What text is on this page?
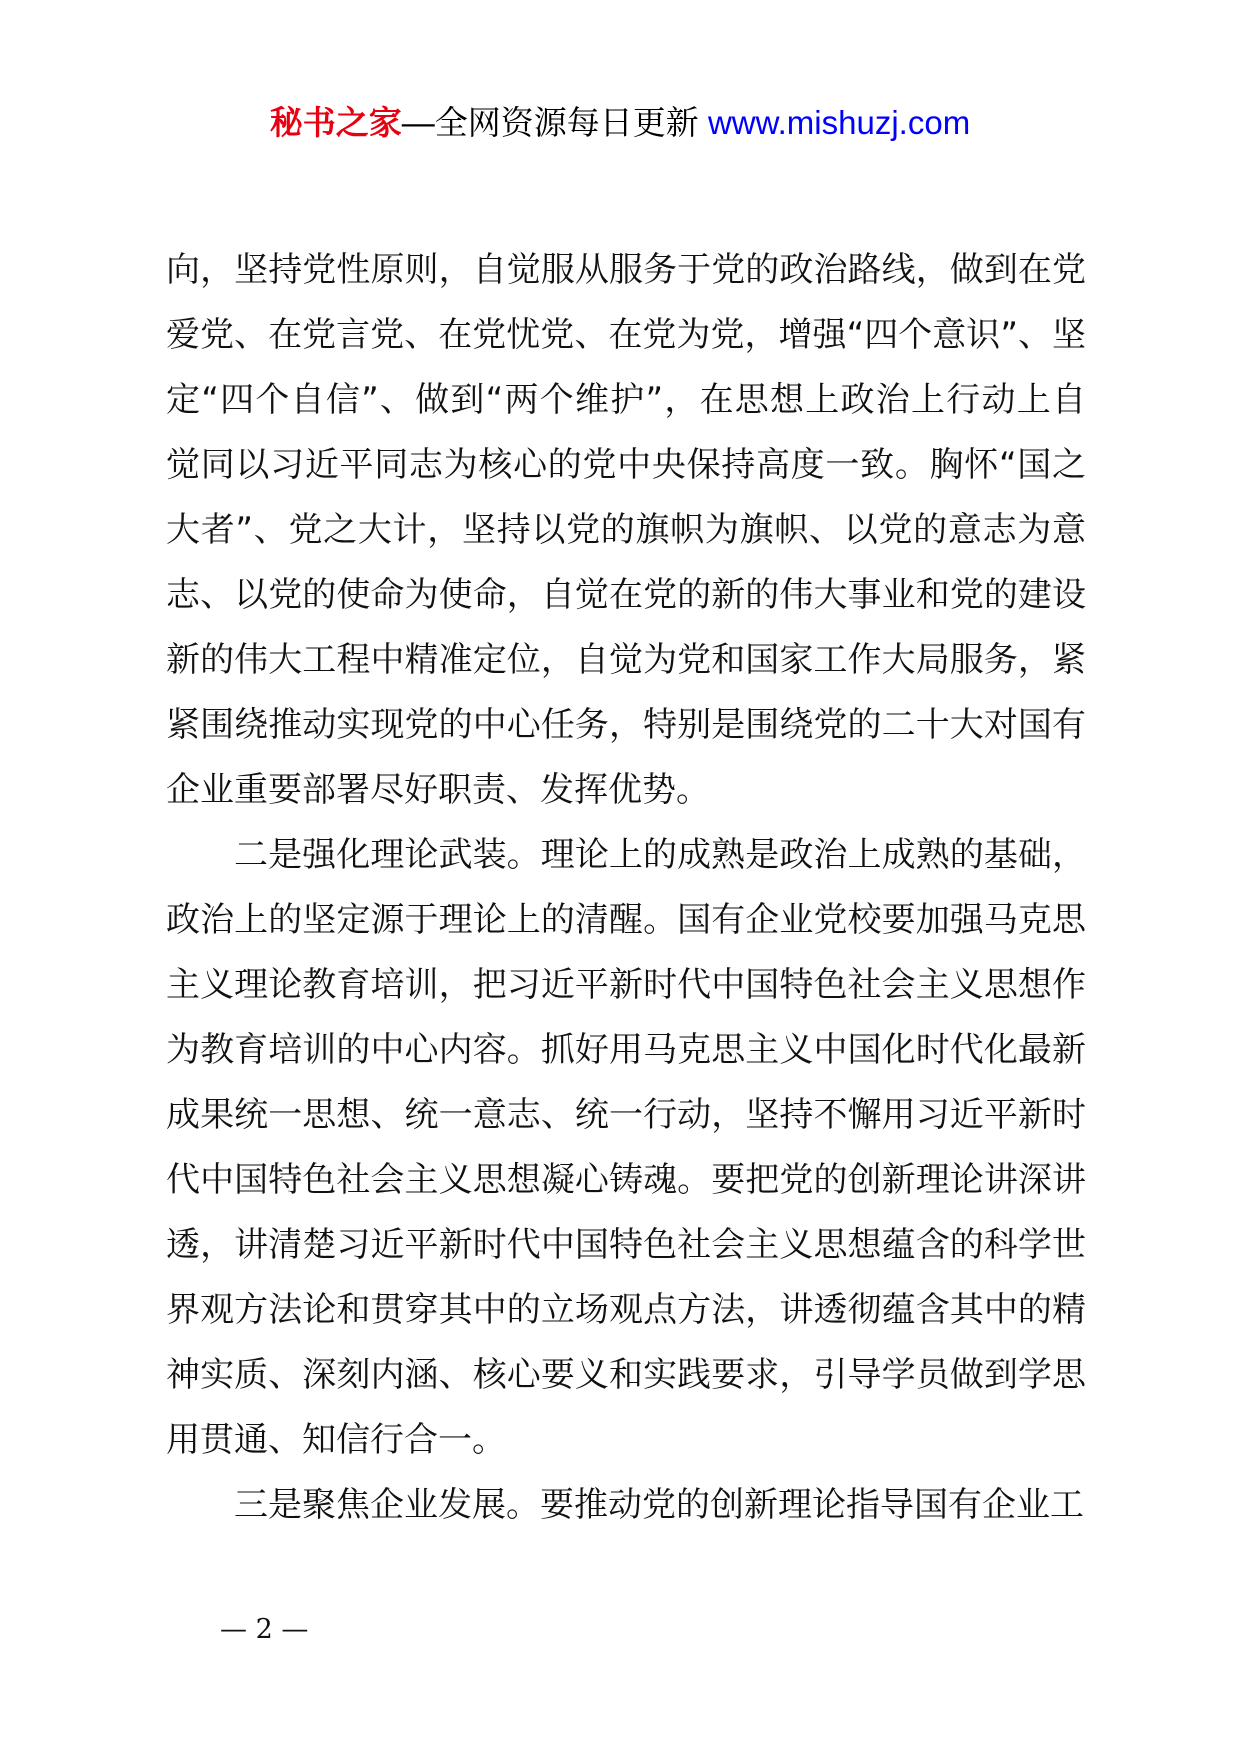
秘书之家—全网资源每日更新 www.mishuzj.com

向，坚持党性原则，自觉服从服务于党的政治路线，做到在党爱党、在党言党、在党忧党、在党为党，增强“四个意识”、坚定“四个自信”、做到“两个维护”，在思想上政治上行动上自觉同以习近平同志为核心的党中央保持高度一致。胸怀“国之大者”、党之大计，坚持以党的旗帜为旗帜、以党的意志为意志、以党的使命为使命，自觉在党的新的伟大事业和党的建设新的伟大工程中精准定位，自觉为党和国家工作大局服务，紧紧围绕推动实现党的中心任务，特别是围绕党的二十大对国有企业重要部署尽好职责、发挥优势。

二是强化理论武装。理论上的成熟是政治上成熟的基础，政治上的坚定源于理论上的清醒。国有企业党校要加强马克思主义理论教育培训，把习近平新时代中国特色社会主义思想作为教育培训的中心内容。抓好用马克思主义中国化时代化最新成果统一思想、统一意志、统一行动，坚持不懈用习近平新时代中国特色社会主义思想凝心铸魂。要把党的创新理论讲深讲透，讲清楚习近平新时代中国特色社会主义思想蕴含的科学世界观方法论和贯穿其中的立场观点方法，讲透彻蕴含其中的精神实质、深刻内涵、核心要义和实践要求，引导学员做到学思用贯通、知信行合一。

三是聚焦企业发展。要推动党的创新理论指导国有企业工

— 2 —
